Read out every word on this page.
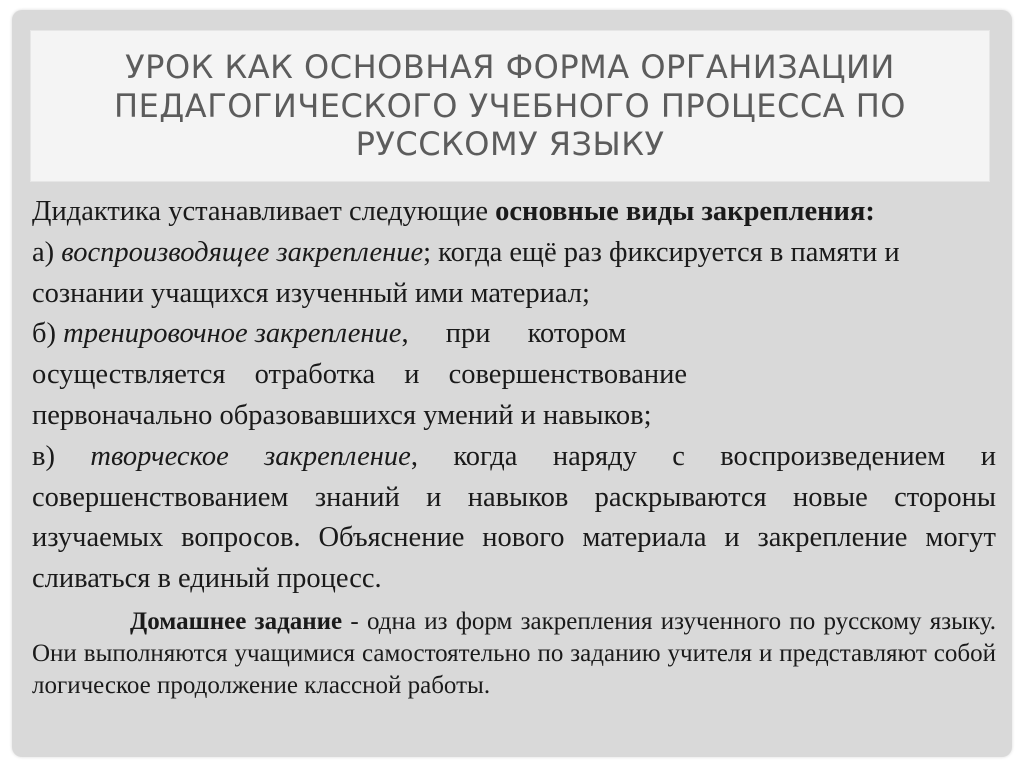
УРОК КАК ОСНОВНАЯ ФОРМА ОРГАНИЗАЦИИ ПЕДАГОГИЧЕСКОГО УЧЕБНОГО ПРОЦЕССА ПО РУССКОМУ ЯЗЫКУ

Дидактика устанавливает следующие основные виды закрепления:

а) воспроизводящее закрепление; когда ещё раз фиксируется в памяти и сознании учащихся изученный ими материал;

б) тренировочное закрепление, при котором
осуществляется отработка и совершенствование
первоначально образовавшихся умений и навыков;

в) творческое закрепление, когда наряду с воспроизведением и совершенствованием знаний и навыков раскрываются новые стороны изучаемых вопросов. Объяснение нового материала и закрепление могут сливаться в единый процесс.

Домашнее задание - одна из форм закрепления изученного по русскому языку. Они выполняются учащимися самостоятельно по заданию учителя и представляют собой логическое продолжение классной работы.
